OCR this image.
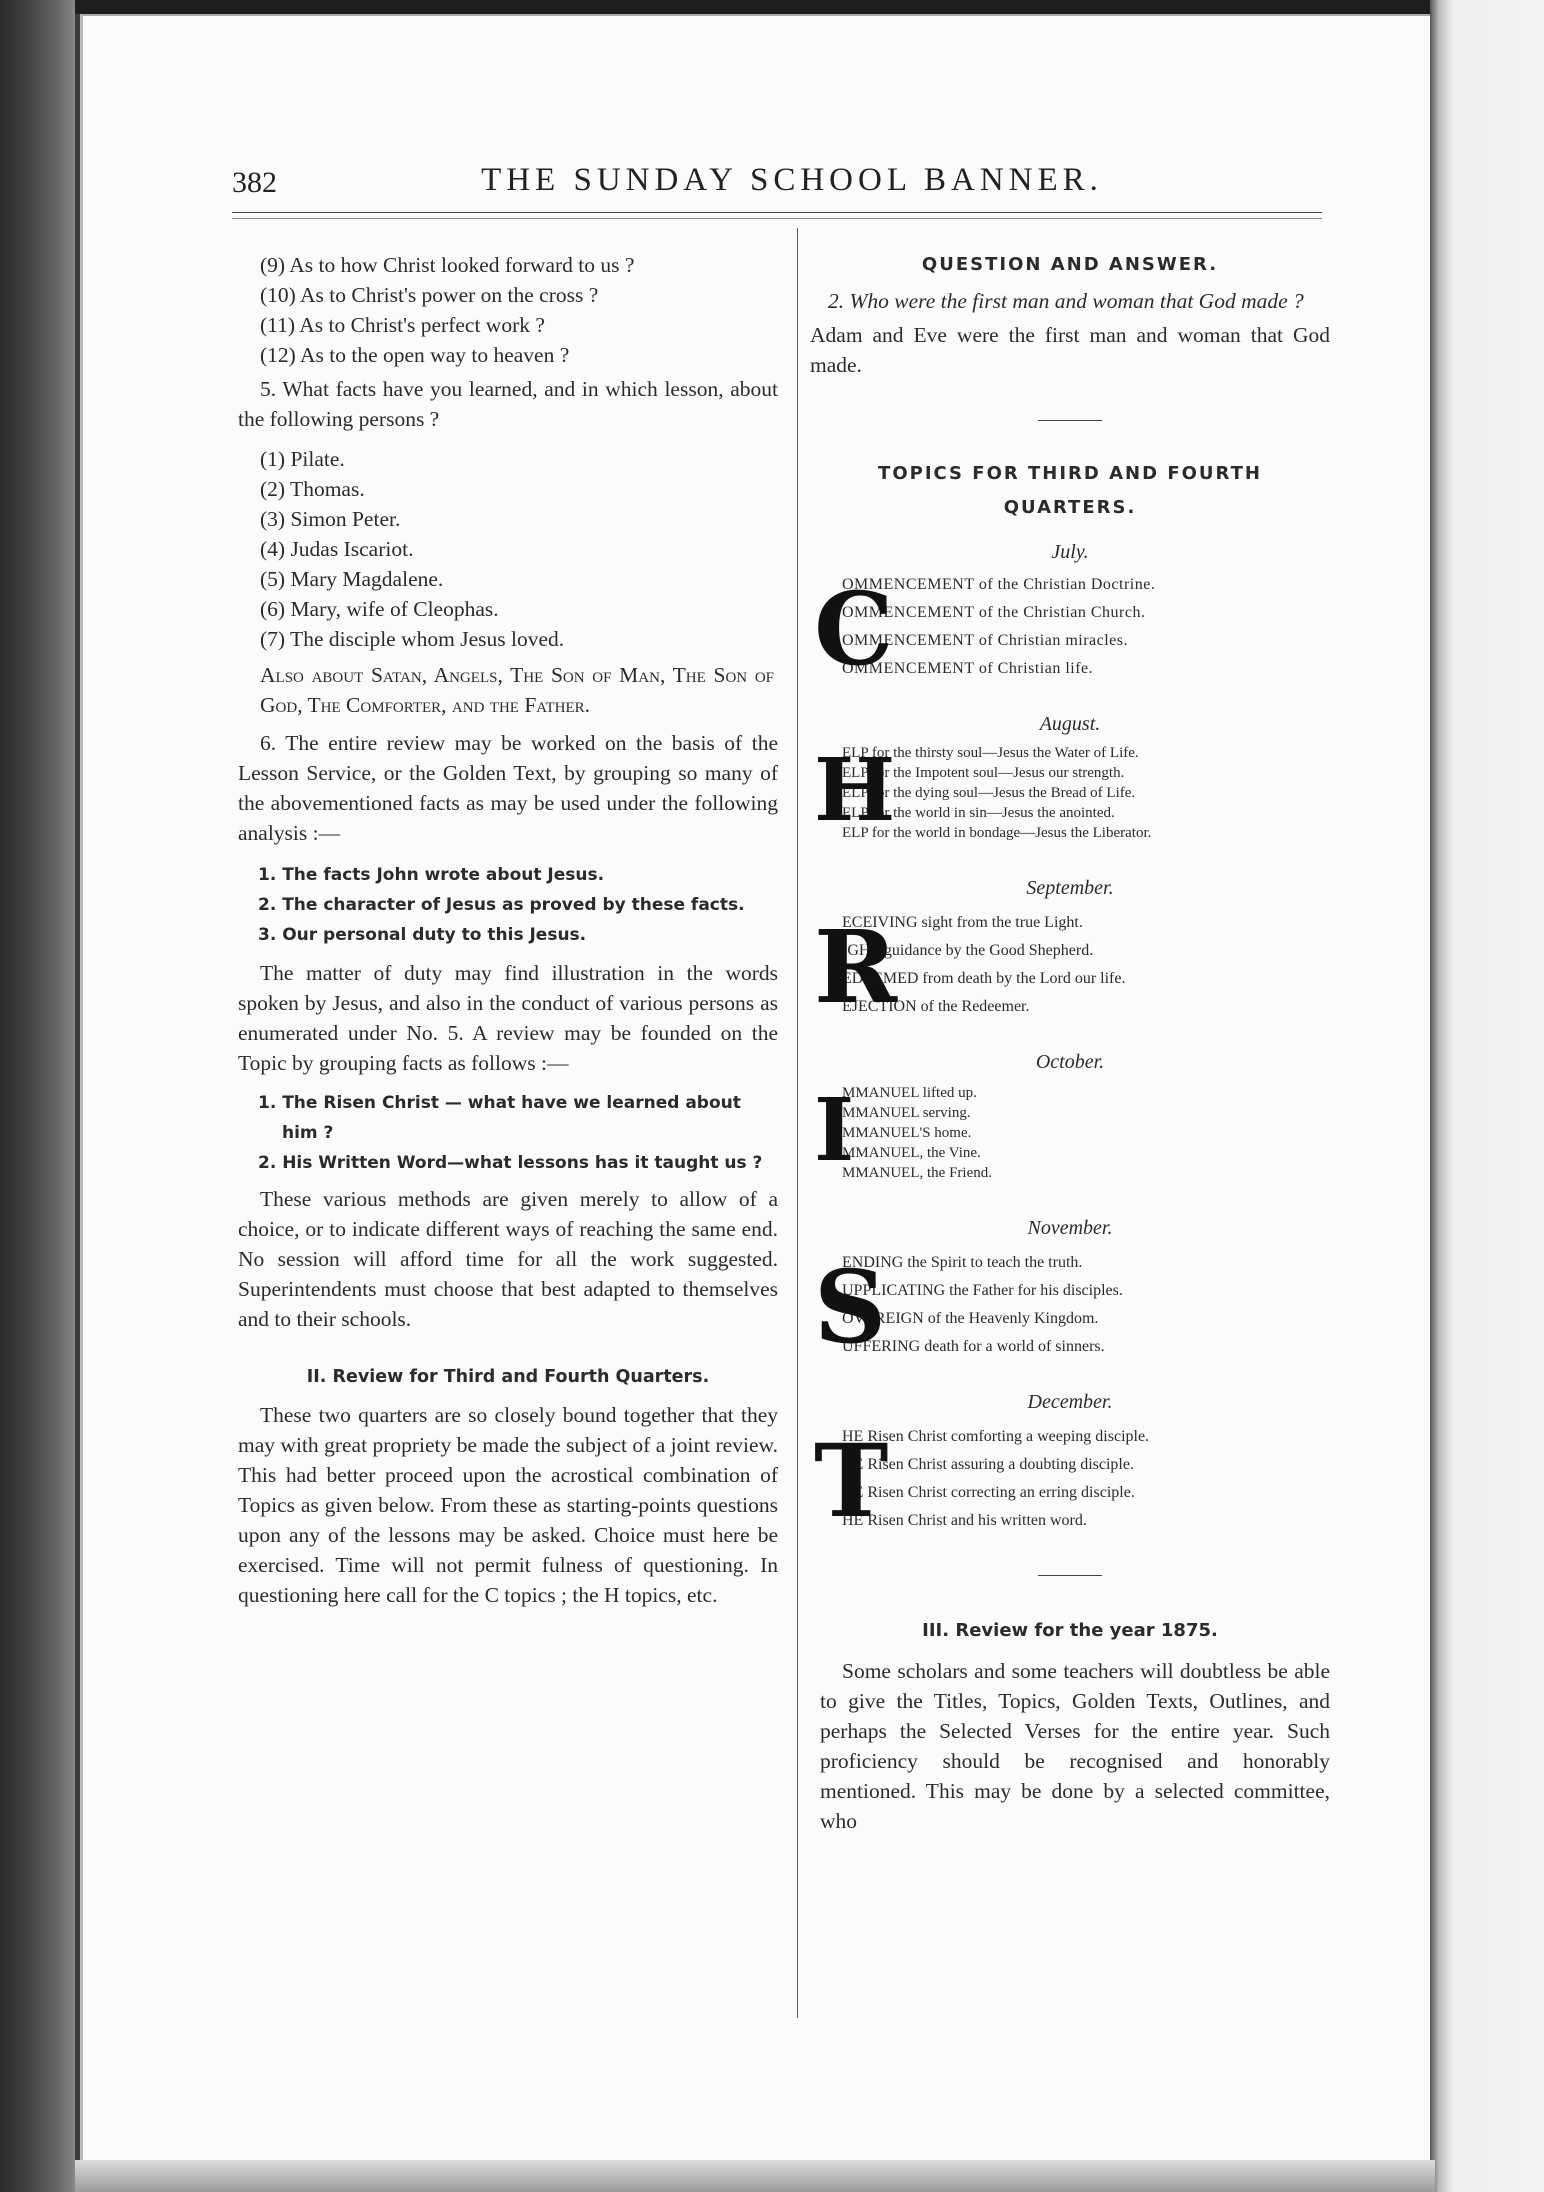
382	THE SUNDAY SCHOOL BANNER.
(9) As to how Christ looked forward to us ?
(10) As to Christ's power on the cross ?
(11) As to Christ's perfect work ?
(12) As to the open way to heaven ?

5. What facts have you learned, and in which lesson, about the following persons ?

(1) Pilate.
(2) Thomas.
(3) Simon Peter.
(4) Judas Iscariot.
(5) Mary Magdalene.
(6) Mary, wife of Cleophas.
(7) The disciple whom Jesus loved.

Also about Satan, Angels, The Son of Man, The Son of God, The Comforter, and the Father.

6. The entire review may be worked on the basis of the Lesson Service, or the Golden Text, by grouping so many of the abovementioned facts as may be used under the following analysis :—

1. The facts John wrote about Jesus.
2. The character of Jesus as proved by these facts.
3. Our personal duty to this Jesus.

The matter of duty may find illustration in the words spoken by Jesus, and also in the conduct of various persons as enumerated under No. 5. A review may be founded on the Topic by grouping facts as follows :—

1. The Risen Christ — what have we learned about him ?
2. His Written Word—what lessons has it taught us ?

These various methods are given merely to allow of a choice, or to indicate different ways of reaching the same end. No session will afford time for all the work suggested. Superintendents must choose that best adapted to themselves and to their schools.

II. Review for Third and Fourth Quarters.

These two quarters are so closely bound together that they may with great propriety be made the subject of a joint review. This had better proceed upon the acrostical combination of Topics as given below. From these as starting-points questions upon any of the lessons may be asked. Choice must here be exercised. Time will not permit fulness of questioning. In questioning here call for the C topics ; the H topics, etc.

QUESTION AND ANSWER.

2. Who were the first man and woman that God made ?

Adam and Eve were the first man and woman that God made.

TOPICS FOR THIRD AND FOURTH QUARTERS.
July.
C
OMMENCEMENT of the Christian Doctrine.
OMMENCEMENT of the Christian Church.
OMMENCEMENT of Christian miracles.
OMMENCEMENT of Christian life.
August.
H
ELP for the thirsty soul—Jesus the Water of Life.
ELP for the Impotent soul—Jesus our strength.
ELP for the dying soul—Jesus the Bread of Life.
ELP for the world in sin—Jesus the anointed.
ELP for the world in bondage—Jesus the Liberator.
September.
R
ECEIVING sight from the true Light.
IGHT guidance by the Good Shepherd.
EDEEMED from death by the Lord our life.
EJECTION of the Redeemer.
October.
I
MMANUEL lifted up.
MMANUEL serving.
MMANUEL'S home.
MMANUEL, the Vine.
MMANUEL, the Friend.
November.
S
ENDING the Spirit to teach the truth.
UPPLICATING the Father for his disciples.
OVEREIGN of the Heavenly Kingdom.
UFFERING death for a world of sinners.
December.
T
HE Risen Christ comforting a weeping disciple.
HE Risen Christ assuring a doubting disciple.
HE Risen Christ correcting an erring disciple.
HE Risen Christ and his written word.
III. Review for the year 1875.

Some scholars and some teachers will doubtless be able to give the Titles, Topics, Golden Texts, Outlines, and perhaps the Selected Verses for the entire year. Such proficiency should be recognised and honorably mentioned. This may be done by a selected committee, who
